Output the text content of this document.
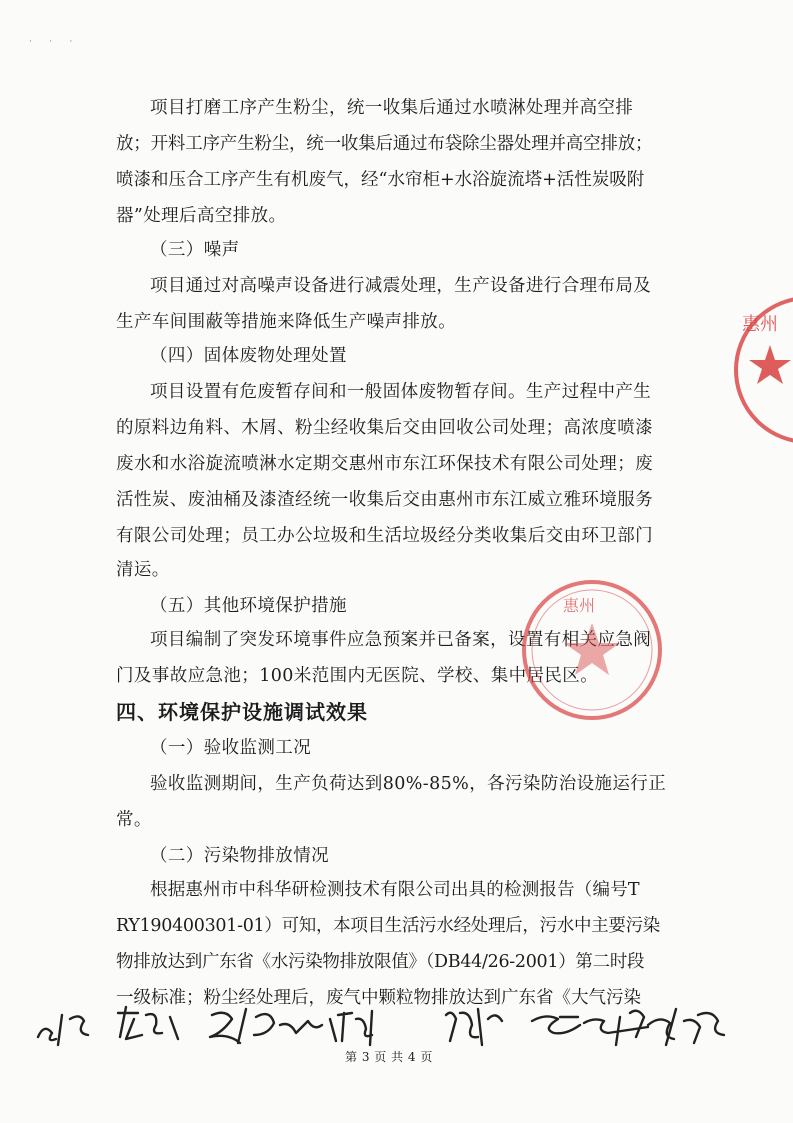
˙ ˙ ˙
项目打磨工序产生粉尘，统一收集后通过水喷淋处理并高空排
放；开料工序产生粉尘，统一收集后通过布袋除尘器处理并高空排放；
喷漆和压合工序产生有机废气，经“水帘柜+水浴旋流塔+活性炭吸附
器”处理后高空排放。
（三）噪声
项目通过对高噪声设备进行减震处理，生产设备进行合理布局及
生产车间围蔽等措施来降低生产噪声排放。
（四）固体废物处理处置
项目设置有危废暂存间和一般固体废物暂存间。生产过程中产生
的原料边角料、木屑、粉尘经收集后交由回收公司处理；高浓度喷漆
废水和水浴旋流喷淋水定期交惠州市东江环保技术有限公司处理；废
活性炭、废油桶及漆渣经统一收集后交由惠州市东江威立雅环境服务
有限公司处理；员工办公垃圾和生活垃圾经分类收集后交由环卫部门
清运。
（五）其他环境保护措施
项目编制了突发环境事件应急预案并已备案，设置有相关应急阀
门及事故应急池；100米范围内无医院、学校、集中居民区。
四、环境保护设施调试效果
（一）验收监测工况
验收监测期间，生产负荷达到80%-85%，各污染防治设施运行正
常。
（二）污染物排放情况
根据惠州市中科华研检测技术有限公司出具的检测报告（编号T
RY190400301-01）可知，本项目生活污水经处理后，污水中主要污染
物排放达到广东省《水污染物排放限值》（DB44/26-2001）第二时段
一级标准；粉尘经处理后，废气中颗粒物排放达到广东省《大气污染
惠州
惠州
第 3 页 共 4 页
